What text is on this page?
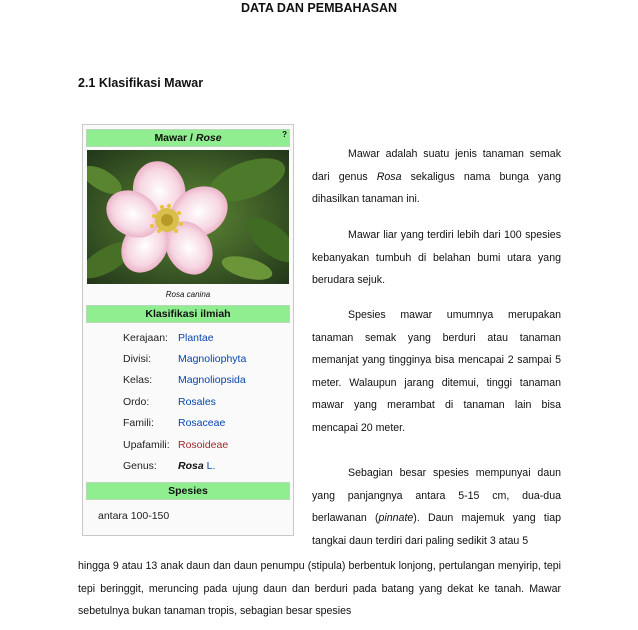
DATA DAN PEMBAHASAN
2.1 Klasifikasi Mawar
Mawar / Rose	?
Rosa canina
Klasifikasi ilmiah
Kerajaan: Plantae
Divisi:	Magnoliophyta
Kelas:	Magnoliopsida
Ordo:	Rosales
Famili:	Rosaceae
Upafamili: Rosoideae
Genus:	Rosa L.
Spesies
antara 100-150
Mawar adalah suatu jenis tanaman semak dari genus Rosa sekaligus nama bunga yang dihasilkan tanaman ini.
Mawar liar yang terdiri lebih dari 100 spesies kebanyakan tumbuh di belahan bumi utara yang berudara sejuk.
Spesies mawar umumnya merupakan tanaman semak yang berduri atau tanaman memanjat yang tingginya bisa mencapai 2 sampai 5 meter. Walaupun jarang ditemui, tinggi tanaman mawar yang merambat di tanaman lain bisa mencapai 20 meter.
Sebagian besar spesies mempunyai daun yang panjangnya antara 5-15 cm, dua-dua berlawanan (pinnate). Daun majemuk yang tiap tangkai daun terdiri dari paling sedikit 3 atau 5
hingga 9 atau 13 anak daun dan daun penumpu (stipula) berbentuk lonjong, pertulangan menyirip, tepi tepi beringgit, meruncing pada ujung daun dan berduri pada batang yang dekat ke tanah. Mawar sebetulnya bukan tanaman tropis, sebagian besar spesies
